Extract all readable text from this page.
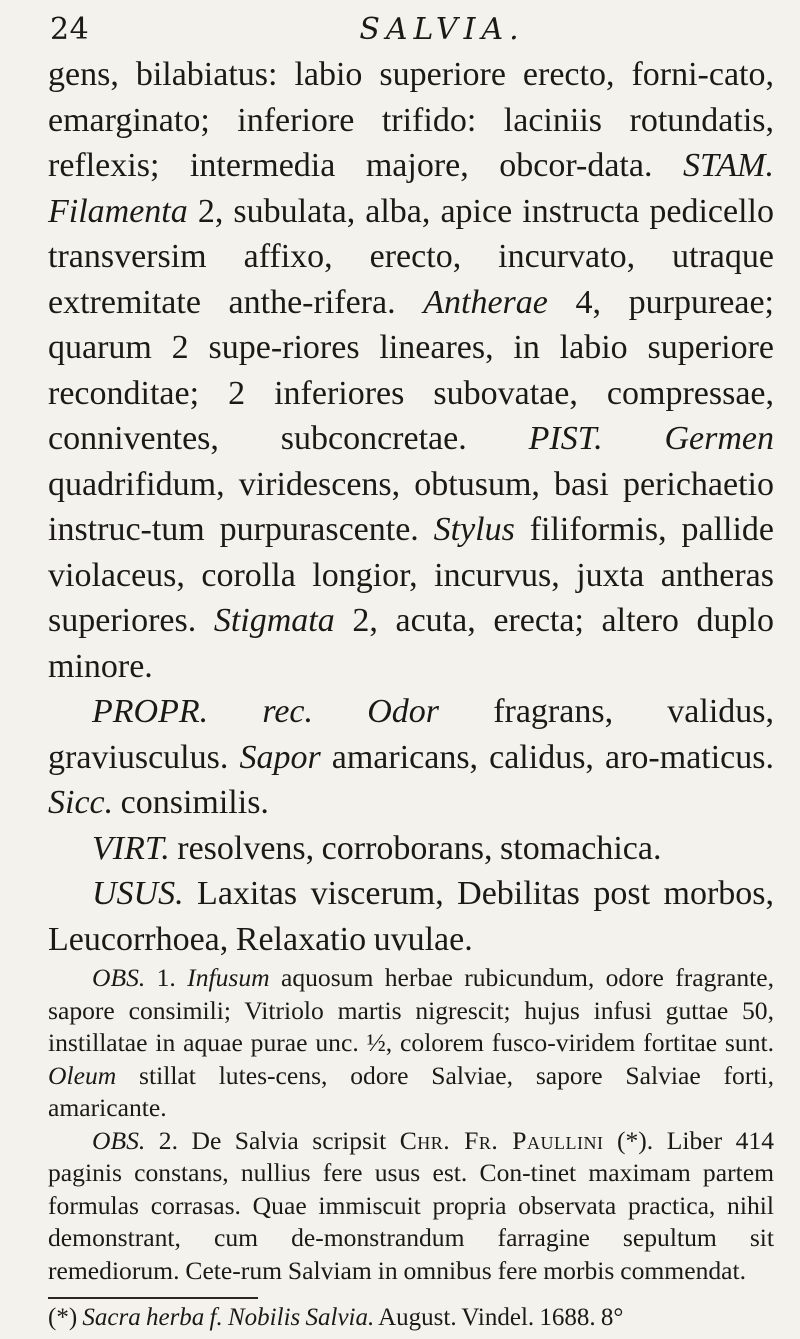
24	SALVIA.

gens, bilabiatus: labio superiore erecto, forni-cato, emarginato; inferiore trifido: laciniis rotundatis, reflexis; intermedia majore, obcor-data. STAM. Filamenta 2, subulata, alba, apice instructa pedicello transversim affixo, erecto, incurvato, utraque extremitate anthe-rifera. Antherae 4, purpureae; quarum 2 supe-riores lineares, in labio superiore reconditae; 2 inferiores subovatae, compressae, conniventes, subconcretae. PIST. Germen quadrifidum, viridescens, obtusum, basi perichaetio instruc-tum purpurascente. Stylus filiformis, pallide violaceus, corolla longior, incurvus, juxta antheras superiores. Stigmata 2, acuta, erecta; altero duplo minore.

PROPR. rec. Odor fragrans, validus, graviusculus. Sapor amaricans, calidus, aro-maticus. Sicc. consimilis.

VIRT. resolvens, corroborans, stomachica.

USUS. Laxitas viscerum, Debilitas post morbos, Leucorrhoea, Relaxatio uvulae.

OBS. 1. Infusum aquosum herbae rubicundum, odore fragrante, sapore consimili; Vitriolo martis nigrescit; hujus infusi guttae 50, instillatae in aquae purae unc. ½, colorem fusco-viridem fortitae sunt. Oleum stillat lutes-cens, odore Salviae, sapore Salviae forti, amaricante.

OBS. 2. De Salvia scripsit Chr. Fr. Paullini (*). Liber 414 paginis constans, nullius fere usus est. Con-tinet maximam partem formulas corrasas. Quae immiscuit propria observata practica, nihil demonstrant, cum de-monstrandum farragine sepultum sit remediorum. Cete-rum Salviam in omnibus fere morbis commendat.

(*) Sacra herba f. Nobilis Salvia. August. Vindel. 1688. 8°
